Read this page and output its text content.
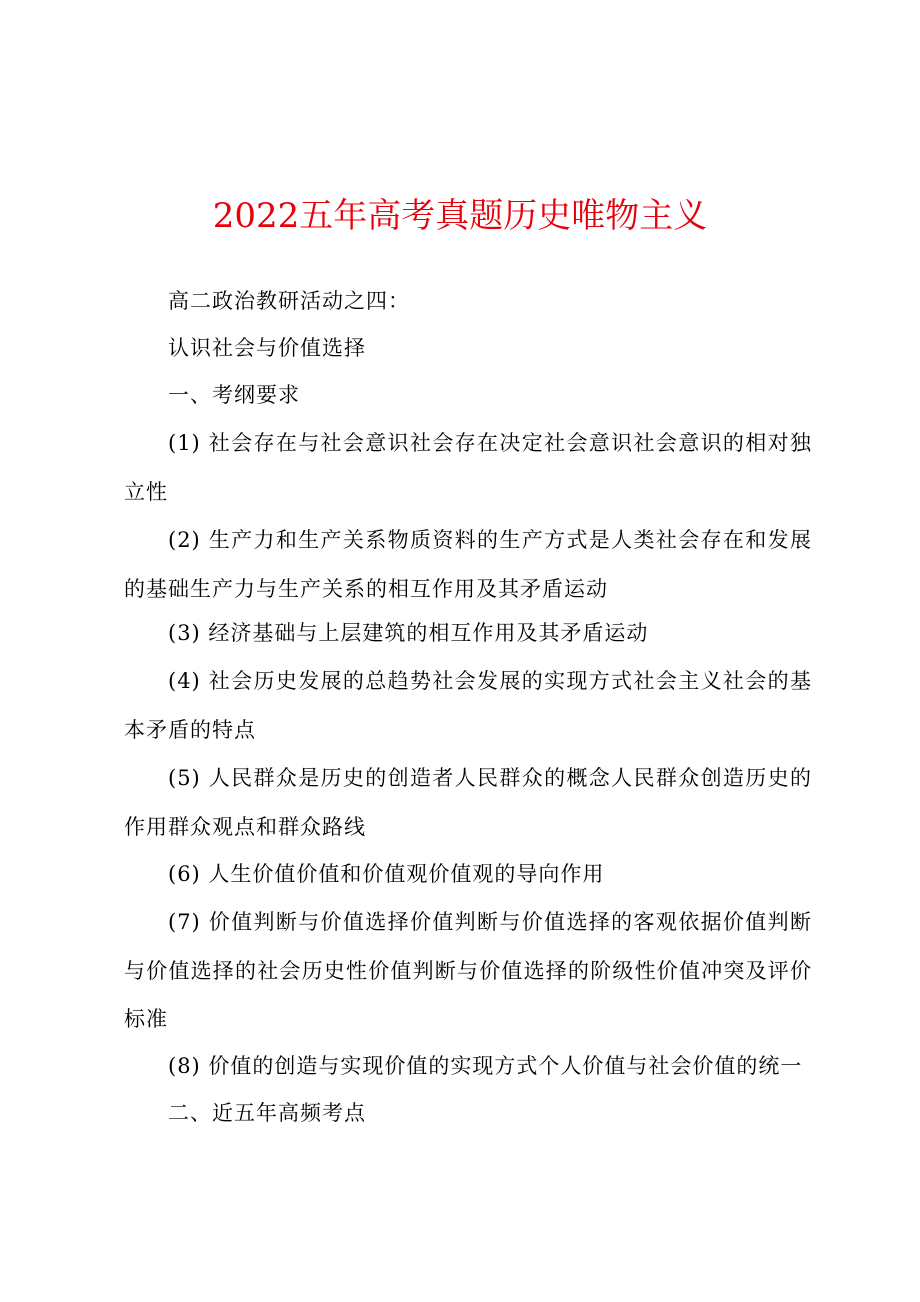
2022五年高考真题历史唯物主义
高二政治教研活动之四：
认识社会与价值选择
一、考纲要求
(1) 社会存在与社会意识社会存在决定社会意识社会意识的相对独立性
(2) 生产力和生产关系物质资料的生产方式是人类社会存在和发展的基础生产力与生产关系的相互作用及其矛盾运动
(3) 经济基础与上层建筑的相互作用及其矛盾运动
(4) 社会历史发展的总趋势社会发展的实现方式社会主义社会的基本矛盾的特点
(5) 人民群众是历史的创造者人民群众的概念人民群众创造历史的作用群众观点和群众路线
(6) 人生价值价值和价值观价值观的导向作用
(7) 价值判断与价值选择价值判断与价值选择的客观依据价值判断与价值选择的社会历史性价值判断与价值选择的阶级性价值冲突及评价标准
(8) 价值的创造与实现价值的实现方式个人价值与社会价值的统一
二、近五年高频考点
